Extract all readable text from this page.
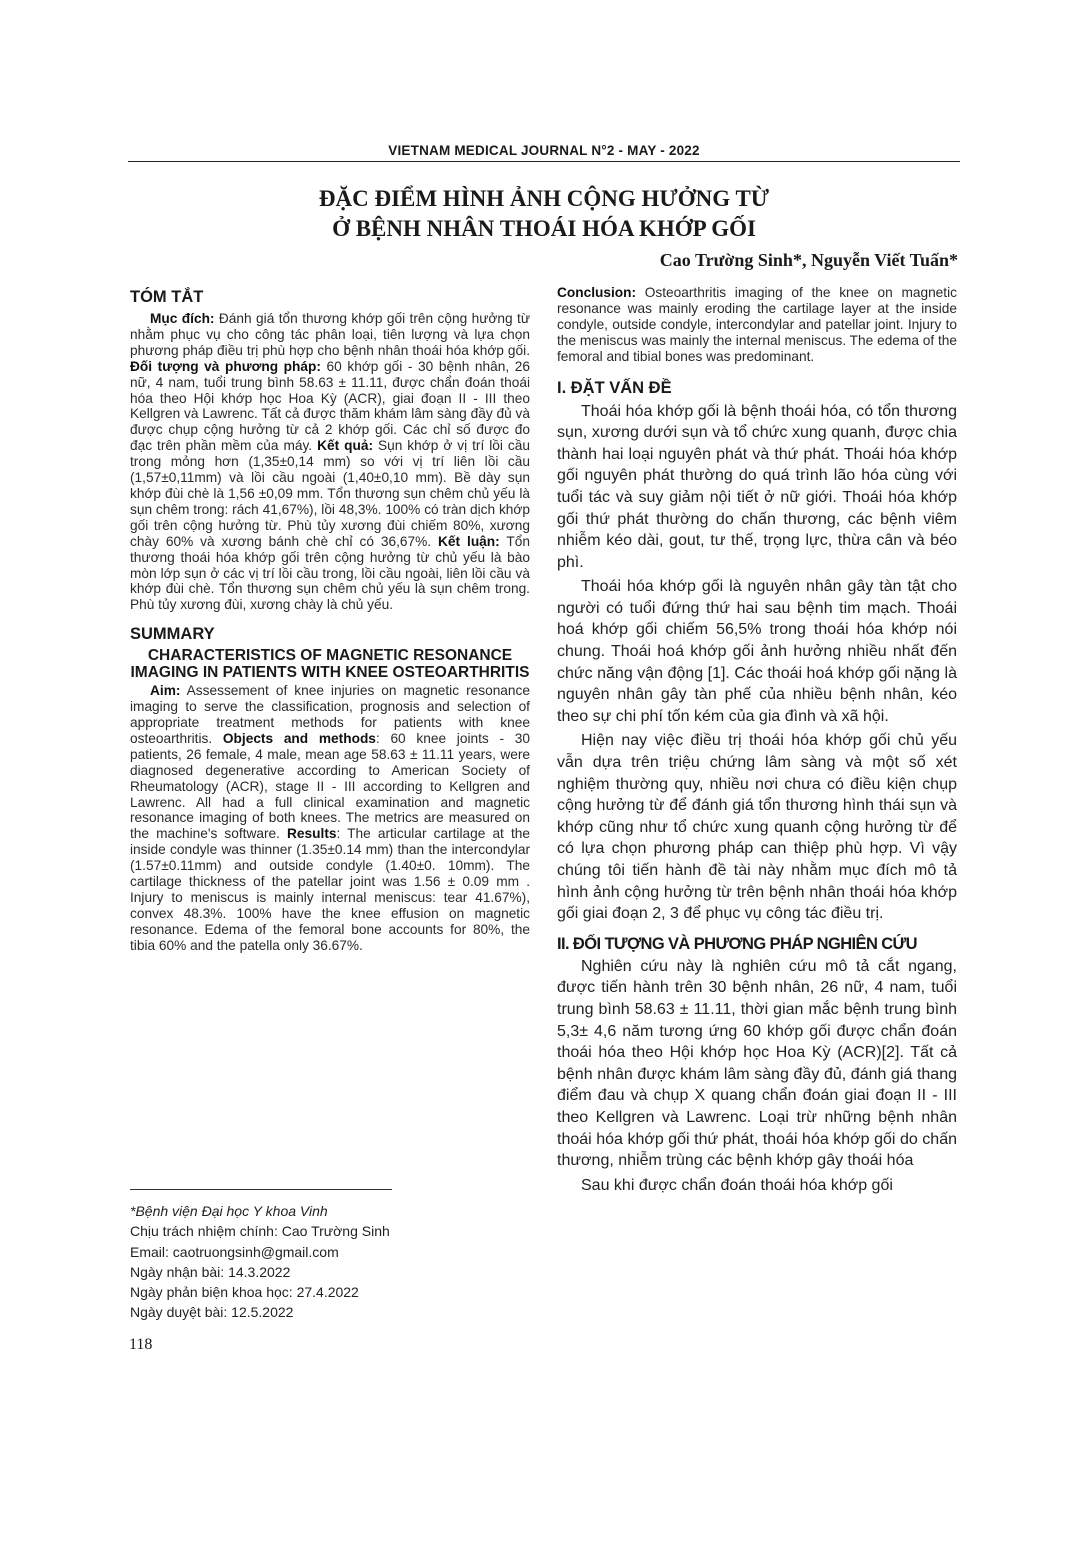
VIETNAM MEDICAL JOURNAL N°2 - MAY - 2022
ĐẶC ĐIỂM HÌNH ẢNH CỘNG HƯỞNG TỪ
Ở BỆNH NHÂN THOÁI HÓA KHỚP GỐI
Cao Trường Sinh*, Nguyễn Viết Tuấn*
TÓM TẮT

Mục đích: Đánh giá tổn thương khớp gối trên cộng hưởng từ nhằm phục vụ cho công tác phân loại, tiên lượng và lựa chọn phương pháp điều trị phù hợp cho bệnh nhân thoái hóa khớp gối. Đối tượng và phương pháp: 60 khớp gối - 30 bệnh nhân, 26 nữ, 4 nam, tuổi trung bình 58.63 ± 11.11, được chẩn đoán thoái hóa theo Hội khớp học Hoa Kỳ (ACR), giai đoạn II - III theo Kellgren và Lawrenc. Tất cả được thăm khám lâm sàng đầy đủ và được chụp cộng hưởng từ cả 2 khớp gối. Các chỉ số được đo đạc trên phần mềm của máy. Kết quả: Sụn khớp ở vị trí lồi cầu trong mỏng hơn (1,35±0,14 mm) so với vị trí liên lồi cầu (1,57±0,11mm) và lồi cầu ngoài (1,40±0,10 mm). Bề dày sụn khớp đùi chè là 1,56 ±0,09 mm. Tổn thương sụn chêm chủ yếu là sụn chêm trong: rách 41,67%), lồi 48,3%. 100% có tràn dịch khớp gối trên cộng hưởng từ. Phù tủy xương đùi chiếm 80%, xương chày 60% và xương bánh chè chỉ có 36,67%. Kết luận: Tổn thương thoái hóa khớp gối trên cộng hưởng từ chủ yếu là bào mòn lớp sụn ở các vị trí lồi cầu trong, lồi cầu ngoài, liên lồi cầu và khớp đùi chè. Tổn thương sụn chêm chủ yếu là sụn chêm trong. Phù tủy xương đùi, xương chày là chủ yếu.

SUMMARY

CHARACTERISTICS OF MAGNETIC RESONANCE IMAGING IN PATIENTS WITH KNEE OSTEOARTHRITIS

Aim: Assessement of knee injuries on magnetic resonance imaging to serve the classification, prognosis and selection of appropriate treatment methods for patients with knee osteoarthritis. Objects and methods: 60 knee joints - 30 patients, 26 female, 4 male, mean age 58.63 ± 11.11 years, were diagnosed degenerative according to American Society of Rheumatology (ACR), stage II - III according to Kellgren and Lawrenc. All had a full clinical examination and magnetic resonance imaging of both knees. The metrics are measured on the machine's software. Results: The articular cartilage at the inside condyle was thinner (1.35±0.14 mm) than the intercondylar (1.57±0.11mm) and outside condyle (1.40±0. 10mm). The cartilage thickness of the patellar joint was 1.56 ± 0.09 mm . Injury to meniscus is mainly internal meniscus: tear 41.67%), convex 48.3%. 100% have the knee effusion on magnetic resonance. Edema of the femoral bone accounts for 80%, the tibia 60% and the patella only 36.67%.

*Bệnh viện Đại học Y khoa Vinh
Chịu trách nhiệm chính: Cao Trường Sinh
Email: caotruongsinh@gmail.com
Ngày nhận bài: 14.3.2022
Ngày phản biện khoa học: 27.4.2022
Ngày duyệt bài: 12.5.2022
118

Conclusion: Osteoarthritis imaging of the knee on magnetic resonance was mainly eroding the cartilage layer at the inside condyle, outside condyle, intercondylar and patellar joint. Injury to the meniscus was mainly the internal meniscus. The edema of the femoral and tibial bones was predominant.

I. ĐẶT VẤN ĐỀ

Thoái hóa khớp gối là bệnh thoái hóa, có tổn thương sụn, xương dưới sụn và tổ chức xung quanh, được chia thành hai loại nguyên phát và thứ phát. Thoái hóa khớp gối nguyên phát thường do quá trình lão hóa cùng với tuổi tác và suy giảm nội tiết ở nữ giới. Thoái hóa khớp gối thứ phát thường do chấn thương, các bệnh viêm nhiễm kéo dài, gout, tư thế, trọng lực, thừa cân và béo phì.

Thoái hóa khớp gối là nguyên nhân gây tàn tật cho người có tuổi đứng thứ hai sau bệnh tim mạch. Thoái hoá khớp gối chiếm 56,5% trong thoái hóa khớp nói chung. Thoái hoá khớp gối ảnh hưởng nhiều nhất đến chức năng vận động [1]. Các thoái hoá khớp gối nặng là nguyên nhân gây tàn phế của nhiều bệnh nhân, kéo theo sự chi phí tốn kém của gia đình và xã hội.

Hiện nay việc điều trị thoái hóa khớp gối chủ yếu vẫn dựa trên triệu chứng lâm sàng và một số xét nghiệm thường quy, nhiều nơi chưa có điều kiện chụp cộng hưởng từ để đánh giá tổn thương hình thái sụn và khớp cũng như tổ chức xung quanh cộng hưởng từ để có lựa chọn phương pháp can thiệp phù hợp. Vì vậy chúng tôi tiến hành đề tài này nhằm mục đích mô tả hình ảnh cộng hưởng từ trên bệnh nhân thoái hóa khớp gối giai đoạn 2, 3 để phục vụ công tác điều trị.

II. ĐỐI TƯỢNG VÀ PHƯƠNG PHÁP NGHIÊN CỨU

Nghiên cứu này là nghiên cứu mô tả cắt ngang, được tiến hành trên 30 bệnh nhân, 26 nữ, 4 nam, tuổi trung bình 58.63 ± 11.11, thời gian mắc bệnh trung bình 5,3± 4,6 năm tương ứng 60 khớp gối được chẩn đoán thoái hóa theo Hội khớp học Hoa Kỳ (ACR)[2]. Tất cả bệnh nhân được khám lâm sàng đầy đủ, đánh giá thang điểm đau và chụp X quang chẩn đoán giai đoạn II - III theo Kellgren và Lawrenc. Loại trừ những bệnh nhân thoái hóa khớp gối thứ phát, thoái hóa khớp gối do chấn thương, nhiễm trùng các bệnh khớp gây thoái hóa

Sau khi được chẩn đoán thoái hóa khớp gối
